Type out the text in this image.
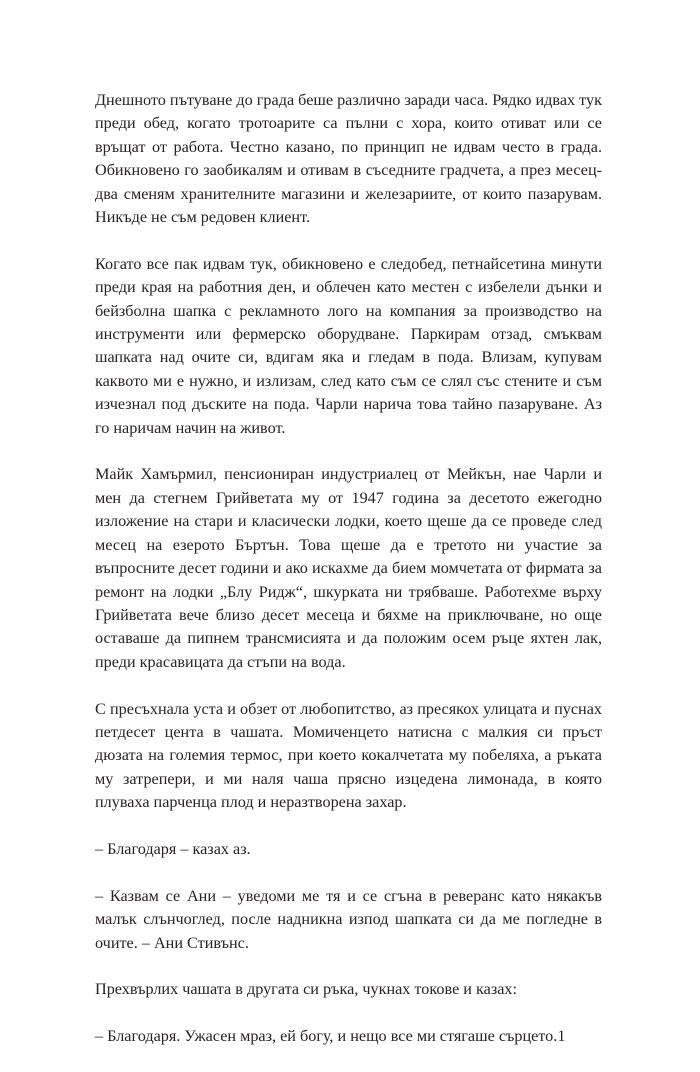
Днешното пътуване до града беше различно заради часа. Рядко идвах тук преди обед, когато тротоарите са пълни с хора, които отиват или се връщат от работа. Честно казано, по принцип не идвам често в града. Обикновено го заобикалям и отивам в съседните градчета, а през месец-два сменям хранителните магазини и железариите, от които пазарувам. Никъде не съм редовен клиент.

Когато все пак идвам тук, обикновено е следобед, петнайсетина минути преди края на работния ден, и облечен като местен с избелели дънки и бейзболна шапка с рекламното лого на компания за производство на инструменти или фермерско оборудване. Паркирам отзад, смъквам шапката над очите си, вдигам яка и гледам в пода. Влизам, купувам каквото ми е нужно, и излизам, след като съм се слял със стените и съм изчезнал под дъските на пода. Чарли нарича това тайно пазаруване. Аз го наричам начин на живот.

Майк Хамърмил, пенсиониран индустриалец от Мейкън, нае Чарли и мен да стегнем Грийветата му от 1947 година за десетото ежегодно изложение на стари и класически лодки, което щеше да се проведе след месец на езерото Бъртън. Това щеше да е третото ни участие за въпросните десет години и ако искахме да бием момчетата от фирмата за ремонт на лодки „Блу Ридж“, шкурката ни трябваше. Работехме върху Грийветата вече близо десет месеца и бяхме на приключване, но още оставаше да пипнем трансмисията и да положим осем ръце яхтен лак, преди красавицата да стъпи на вода.

С пресъхнала уста и обзет от любопитство, аз пресякох улицата и пуснах петдесет цента в чашата. Момиченцето натисна с малкия си пръст дюзата на големия термос, при което кокалчетата му побеляха, а ръката му затрепери, и ми наля чаша прясно изцедена лимонада, в която плуваха парченца плод и неразтворена захар.

– Благодаря – казах аз.

– Казвам се Ани – уведоми ме тя и се сгъна в реверанс като някакъв малък слънчоглед, после надникна изпод шапката си да ме погледне в очите. – Ани Стивънс.

Прехвърлих чашата в другата си ръка, чукнах токове и казах:

– Благодаря. Ужасен мраз, ей богу, и нещо все ми стягаше сърцето.1
